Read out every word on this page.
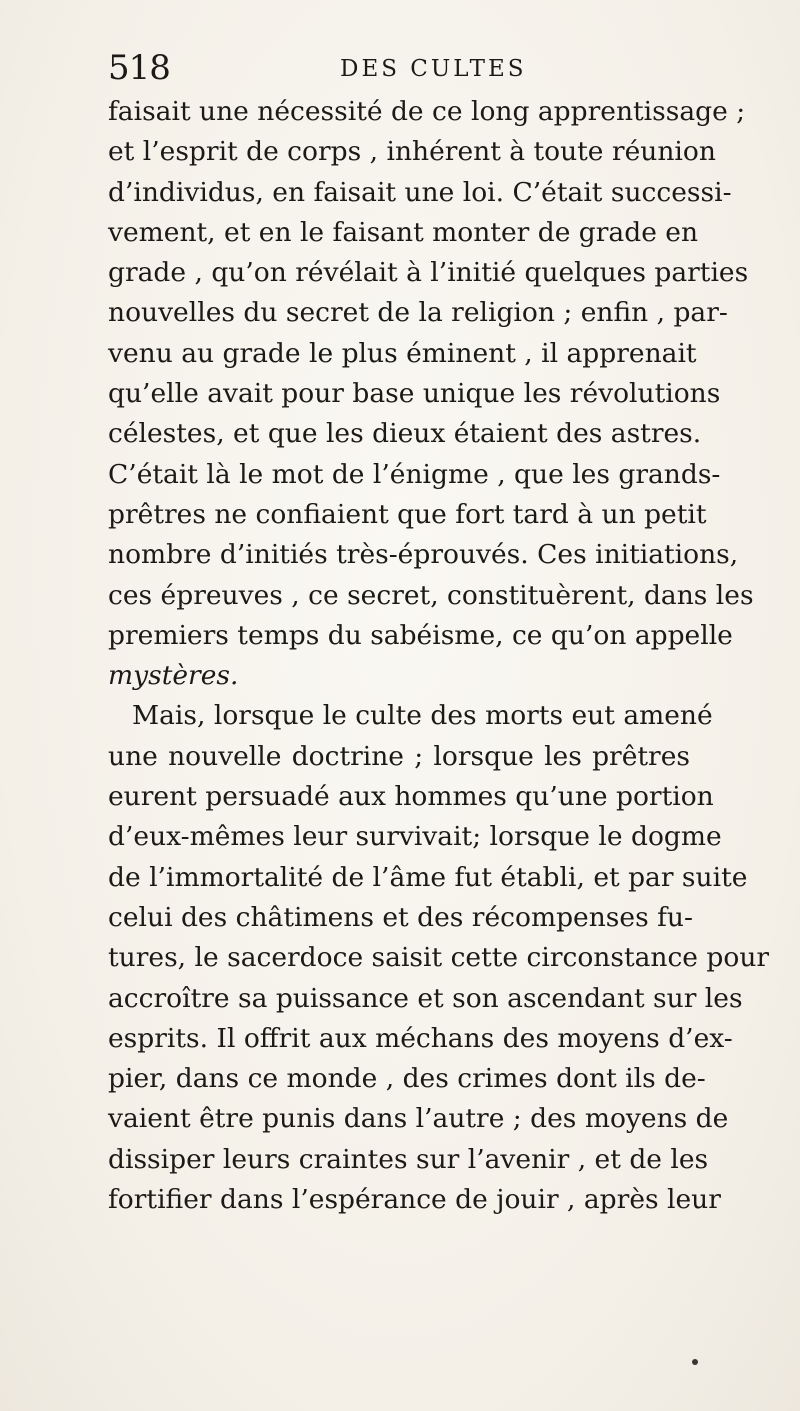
518	DES CULTES
faisait une nécessité de ce long apprentissage ;
et l’esprit de corps , inhérent à toute réunion
d’individus, en faisait une loi. C’était successi-
vement, et en le faisant monter de grade en
grade , qu’on révélait à l’initié quelques parties
nouvelles du secret de la religion ; enfin , par-
venu au grade le plus éminent , il apprenait
qu’elle avait pour base unique les révolutions
célestes, et que les dieux étaient des astres.
C’était là le mot de l’énigme , que les grands-
prêtres ne confiaient que fort tard à un petit
nombre d’initiés très-éprouvés. Ces initiations,
ces épreuves , ce secret, constituèrent, dans les
premiers temps du sabéisme, ce qu’on appelle
mystères.
Mais, lorsque le culte des morts eut amené
une nouvelle doctrine ; lorsque les prêtres
eurent persuadé aux hommes qu’une portion
d’eux-mêmes leur survivait; lorsque le dogme
de l’immortalité de l’âme fut établi, et par suite
celui des châtimens et des récompenses fu-
tures, le sacerdoce saisit cette circonstance pour
accroître sa puissance et son ascendant sur les
esprits. Il offrit aux méchans des moyens d’ex-
pier, dans ce monde , des crimes dont ils de-
vaient être punis dans l’autre ; des moyens de
dissiper leurs craintes sur l’avenir , et de les
fortifier dans l’espérance de jouir , après leur
